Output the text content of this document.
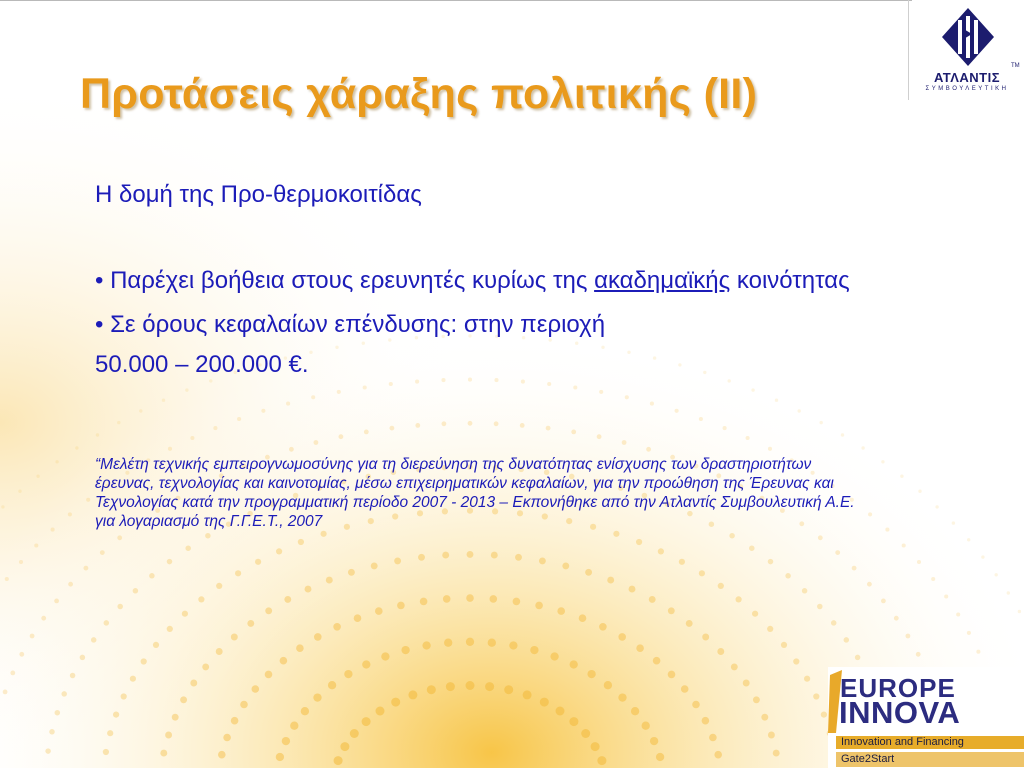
Προτάσεις χάραξης πολιτικής (ΙΙ)

Η δομή της Προ-θερμοκοιτίδας

• Παρέχει βοήθεια στους ερευνητές κυρίως της ακαδημαϊκής κοινότητας
• Σε όρους κεφαλαίων επένδυσης: στην περιοχή
50.000 – 200.000 €.

“Μελέτη τεχνικής εμπειρογνωμοσύνης για τη διερεύνηση της δυνατότητας ενίσχυσης των δραστηριοτήτων έρευνας, τεχνολογίας και καινοτομίας, μέσω επιχειρηματικών κεφαλαίων, για την προώθηση της Έρευνας και Τεχνολογίας κατά την προγραμματική περίοδο 2007 - 2013 – Εκπονήθηκε από την Ατλαντίς Συμβουλευτική Α.Ε. για λογαριασμό της Γ.Γ.Ε.Τ., 2007

ΑΤΛΑΝΤΙΣ
TM
ΣΥΜΒΟΥΛΕΥΤΙΚΗ
EUROPE
INNOVA
Innovation and Financing
Gate2Start
